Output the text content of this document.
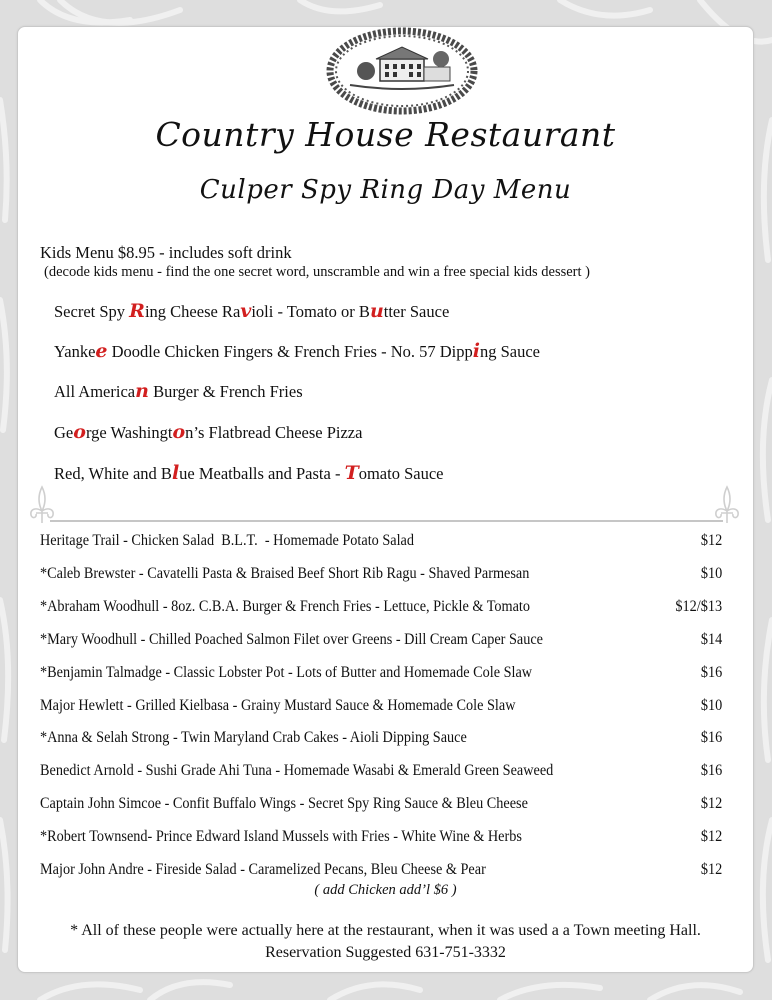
Country House Restaurant
Culper Spy Ring Day Menu
Kids Menu $8.95 - includes soft drink
(decode kids menu - find the one secret word, unscramble and win a free special kids dessert )
Secret Spy Ring Cheese Ravioli - Tomato or Butter Sauce
Yankee Doodle Chicken Fingers & French Fries - No. 57 Dipping Sauce
All American Burger & French Fries
George Washington’s Flatbread Cheese Pizza
Red, White and Blue Meatballs and Pasta - Tomato Sauce
Heritage Trail - Chicken Salad  B.L.T.  - Homemade Potato Salad	$12
*Caleb Brewster - Cavatelli Pasta & Braised Beef Short Rib Ragu - Shaved Parmesan	$10
*Abraham Woodhull - 8oz. C.B.A. Burger & French Fries - Lettuce, Pickle & Tomato	$12/$13
*Mary Woodhull - Chilled Poached Salmon Filet over Greens - Dill Cream Caper Sauce	$14
*Benjamin Talmadge - Classic Lobster Pot - Lots of Butter and Homemade Cole Slaw	$16
Major Hewlett - Grilled Kielbasa - Grainy Mustard Sauce & Homemade Cole Slaw	$10
*Anna & Selah Strong - Twin Maryland Crab Cakes - Aioli Dipping Sauce	$16
Benedict Arnold - Sushi Grade Ahi Tuna - Homemade Wasabi & Emerald Green Seaweed	$16
Captain John Simcoe - Confit Buffalo Wings - Secret Spy Ring Sauce & Bleu Cheese	$12
*Robert Townsend- Prince Edward Island Mussels with Fries - White Wine & Herbs	$12
Major John Andre - Fireside Salad - Caramelized Pecans, Bleu Cheese & Pear	$12
( add Chicken add’l $6 )
* All of these people were actually here at the restaurant, when it was used a a Town meeting Hall.
Reservation Suggested 631-751-3332
